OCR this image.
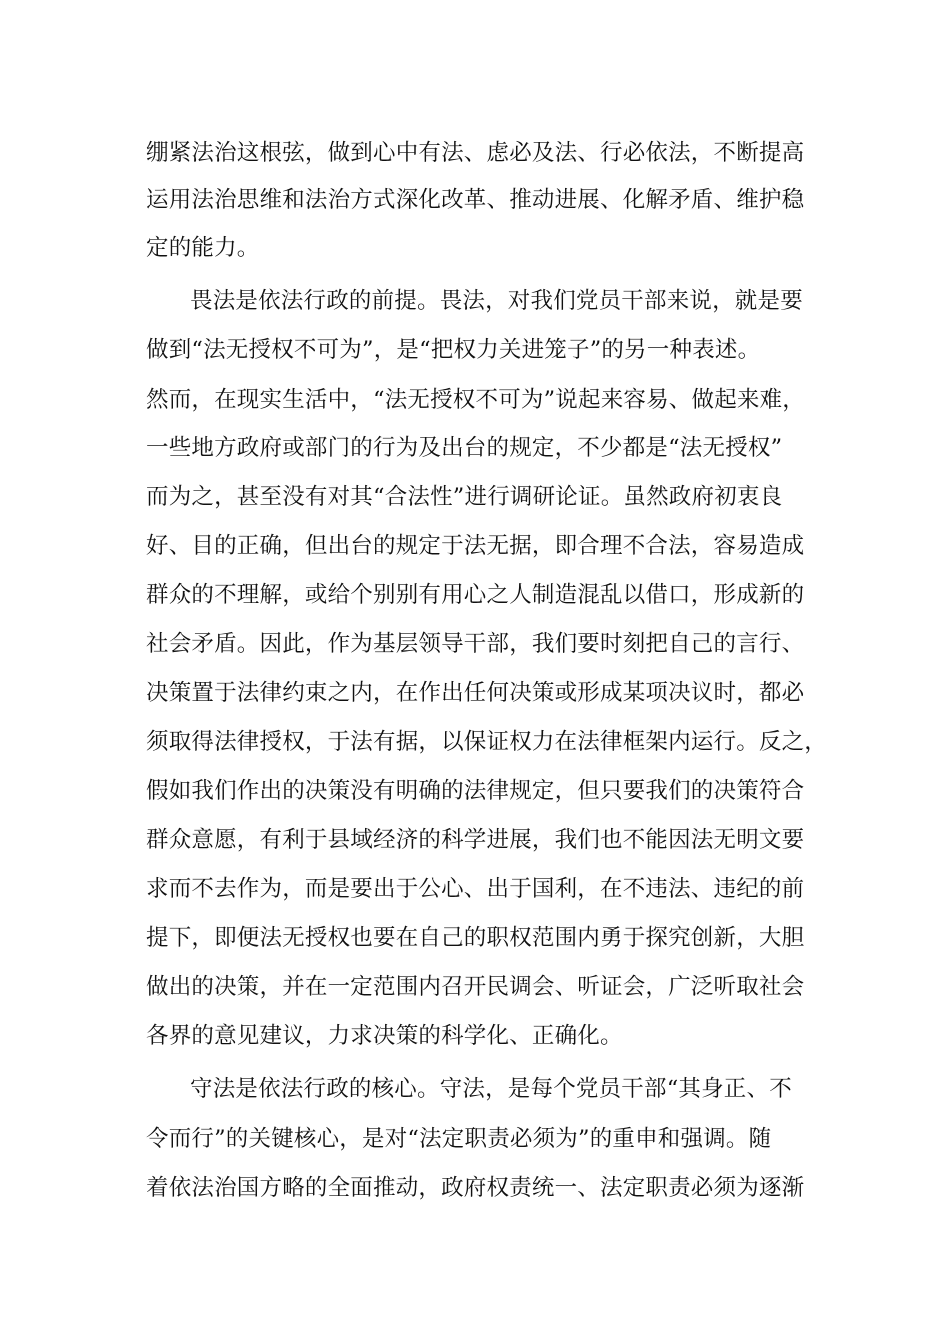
绷紧法治这根弦，做到心中有法、虑必及法、行必依法，不断提高
运用法治思维和法治方式深化改革、推动进展、化解矛盾、维护稳
定的能力。
畏法是依法行政的前提。畏法，对我们党员干部来说，就是要
做到“法无授权不可为”，是“把权力关进笼子”的另一种表述。
然而，在现实生活中，“法无授权不可为”说起来容易、做起来难，
一些地方政府或部门的行为及出台的规定，不少都是“法无授权”
而为之，甚至没有对其“合法性”进行调研论证。虽然政府初衷良
好、目的正确，但出台的规定于法无据，即合理不合法，容易造成
群众的不理解，或给个别别有用心之人制造混乱以借口，形成新的
社会矛盾。因此，作为基层领导干部，我们要时刻把自己的言行、
决策置于法律约束之内，在作出任何决策或形成某项决议时，都必
须取得法律授权，于法有据，以保证权力在法律框架内运行。反之，
假如我们作出的决策没有明确的法律规定，但只要我们的决策符合
群众意愿，有利于县域经济的科学进展，我们也不能因法无明文要
求而不去作为，而是要出于公心、出于国利，在不违法、违纪的前
提下，即便法无授权也要在自己的职权范围内勇于探究创新，大胆
做出的决策，并在一定范围内召开民调会、听证会，广泛听取社会
各界的意见建议，力求决策的科学化、正确化。
守法是依法行政的核心。守法，是每个党员干部“其身正、不
令而行”的关键核心，是对“法定职责必须为”的重申和强调。随
着依法治国方略的全面推动，政府权责统一、法定职责必须为逐渐
